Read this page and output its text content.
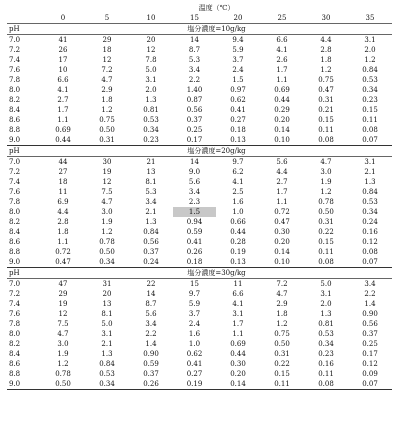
	温度（℃）							
	0	5	10	15	20	25	30	35
pH	塩分濃度=10g/kg							
7.0	41	29	20	14	9.4	6.6	4.4	3.1
7.2	26	18	12	8.7	5.9	4.1	2.8	2.0
7.4	17	12	7.8	5.3	3.7	2.6	1.8	1.2
7.6	10	7.2	5.0	3.4	2.4	1.7	1.2	0.84
7.8	6.6	4.7	3.1	2.2	1.5	1.1	0.75	0.53
8.0	4.1	2.9	2.0	1.40	0.97	0.69	0.47	0.34
8.2	2.7	1.8	1.3	0.87	0.62	0.44	0.31	0.23
8.4	1.7	1.2	0.81	0.56	0.41	0.29	0.21	0.15
8.6	1.1	0.75	0.53	0.37	0.27	0.20	0.15	0.11
8.8	0.69	0.50	0.34	0.25	0.18	0.14	0.11	0.08
9.0	0.44	0.31	0.23	0.17	0.13	0.10	0.08	0.07
pH	塩分濃度=20g/kg							
7.0	44	30	21	14	9.7	5.6	4.7	3.1
7.2	27	19	13	9.0	6.2	4.4	3.0	2.1
7.4	18	12	8.1	5.6	4.1	2.7	1.9	1.3
7.6	11	7.5	5.3	3.4	2.5	1.7	1.2	0.84
7.8	6.9	4.7	3.4	2.3	1.6	1.1	0.78	0.53
8.0	4.4	3.0	2.1	1.5	1.0	0.72	0.50	0.34
8.2	2.8	1.9	1.3	0.94	0.66	0.47	0.31	0.24
8.4	1.8	1.2	0.84	0.59	0.44	0.30	0.22	0.16
8.6	1.1	0.78	0.56	0.41	0.28	0.20	0.15	0.12
8.8	0.72	0.50	0.37	0.26	0.19	0.14	0.11	0.08
9.0	0.47	0.34	0.24	0.18	0.13	0.10	0.08	0.07
pH	塩分濃度=30g/kg							
7.0	47	31	22	15	11	7.2	5.0	3.4
7.2	29	20	14	9.7	6.6	4.7	3.1	2.2
7.4	19	13	8.7	5.9	4.1	2.9	2.0	1.4
7.6	12	8.1	5.6	3.7	3.1	1.8	1.3	0.90
7.8	7.5	5.0	3.4	2.4	1.7	1.2	0.81	0.56
8.0	4.7	3.1	2.2	1.6	1.1	0.75	0.53	0.37
8.2	3.0	2.1	1.4	1.0	0.69	0.50	0.34	0.25
8.4	1.9	1.3	0.90	0.62	0.44	0.31	0.23	0.17
8.6	1.2	0.84	0.59	0.41	0.30	0.22	0.16	0.12
8.8	0.78	0.53	0.37	0.27	0.20	0.15	0.11	0.09
9.0	0.50	0.34	0.26	0.19	0.14	0.11	0.08	0.07
